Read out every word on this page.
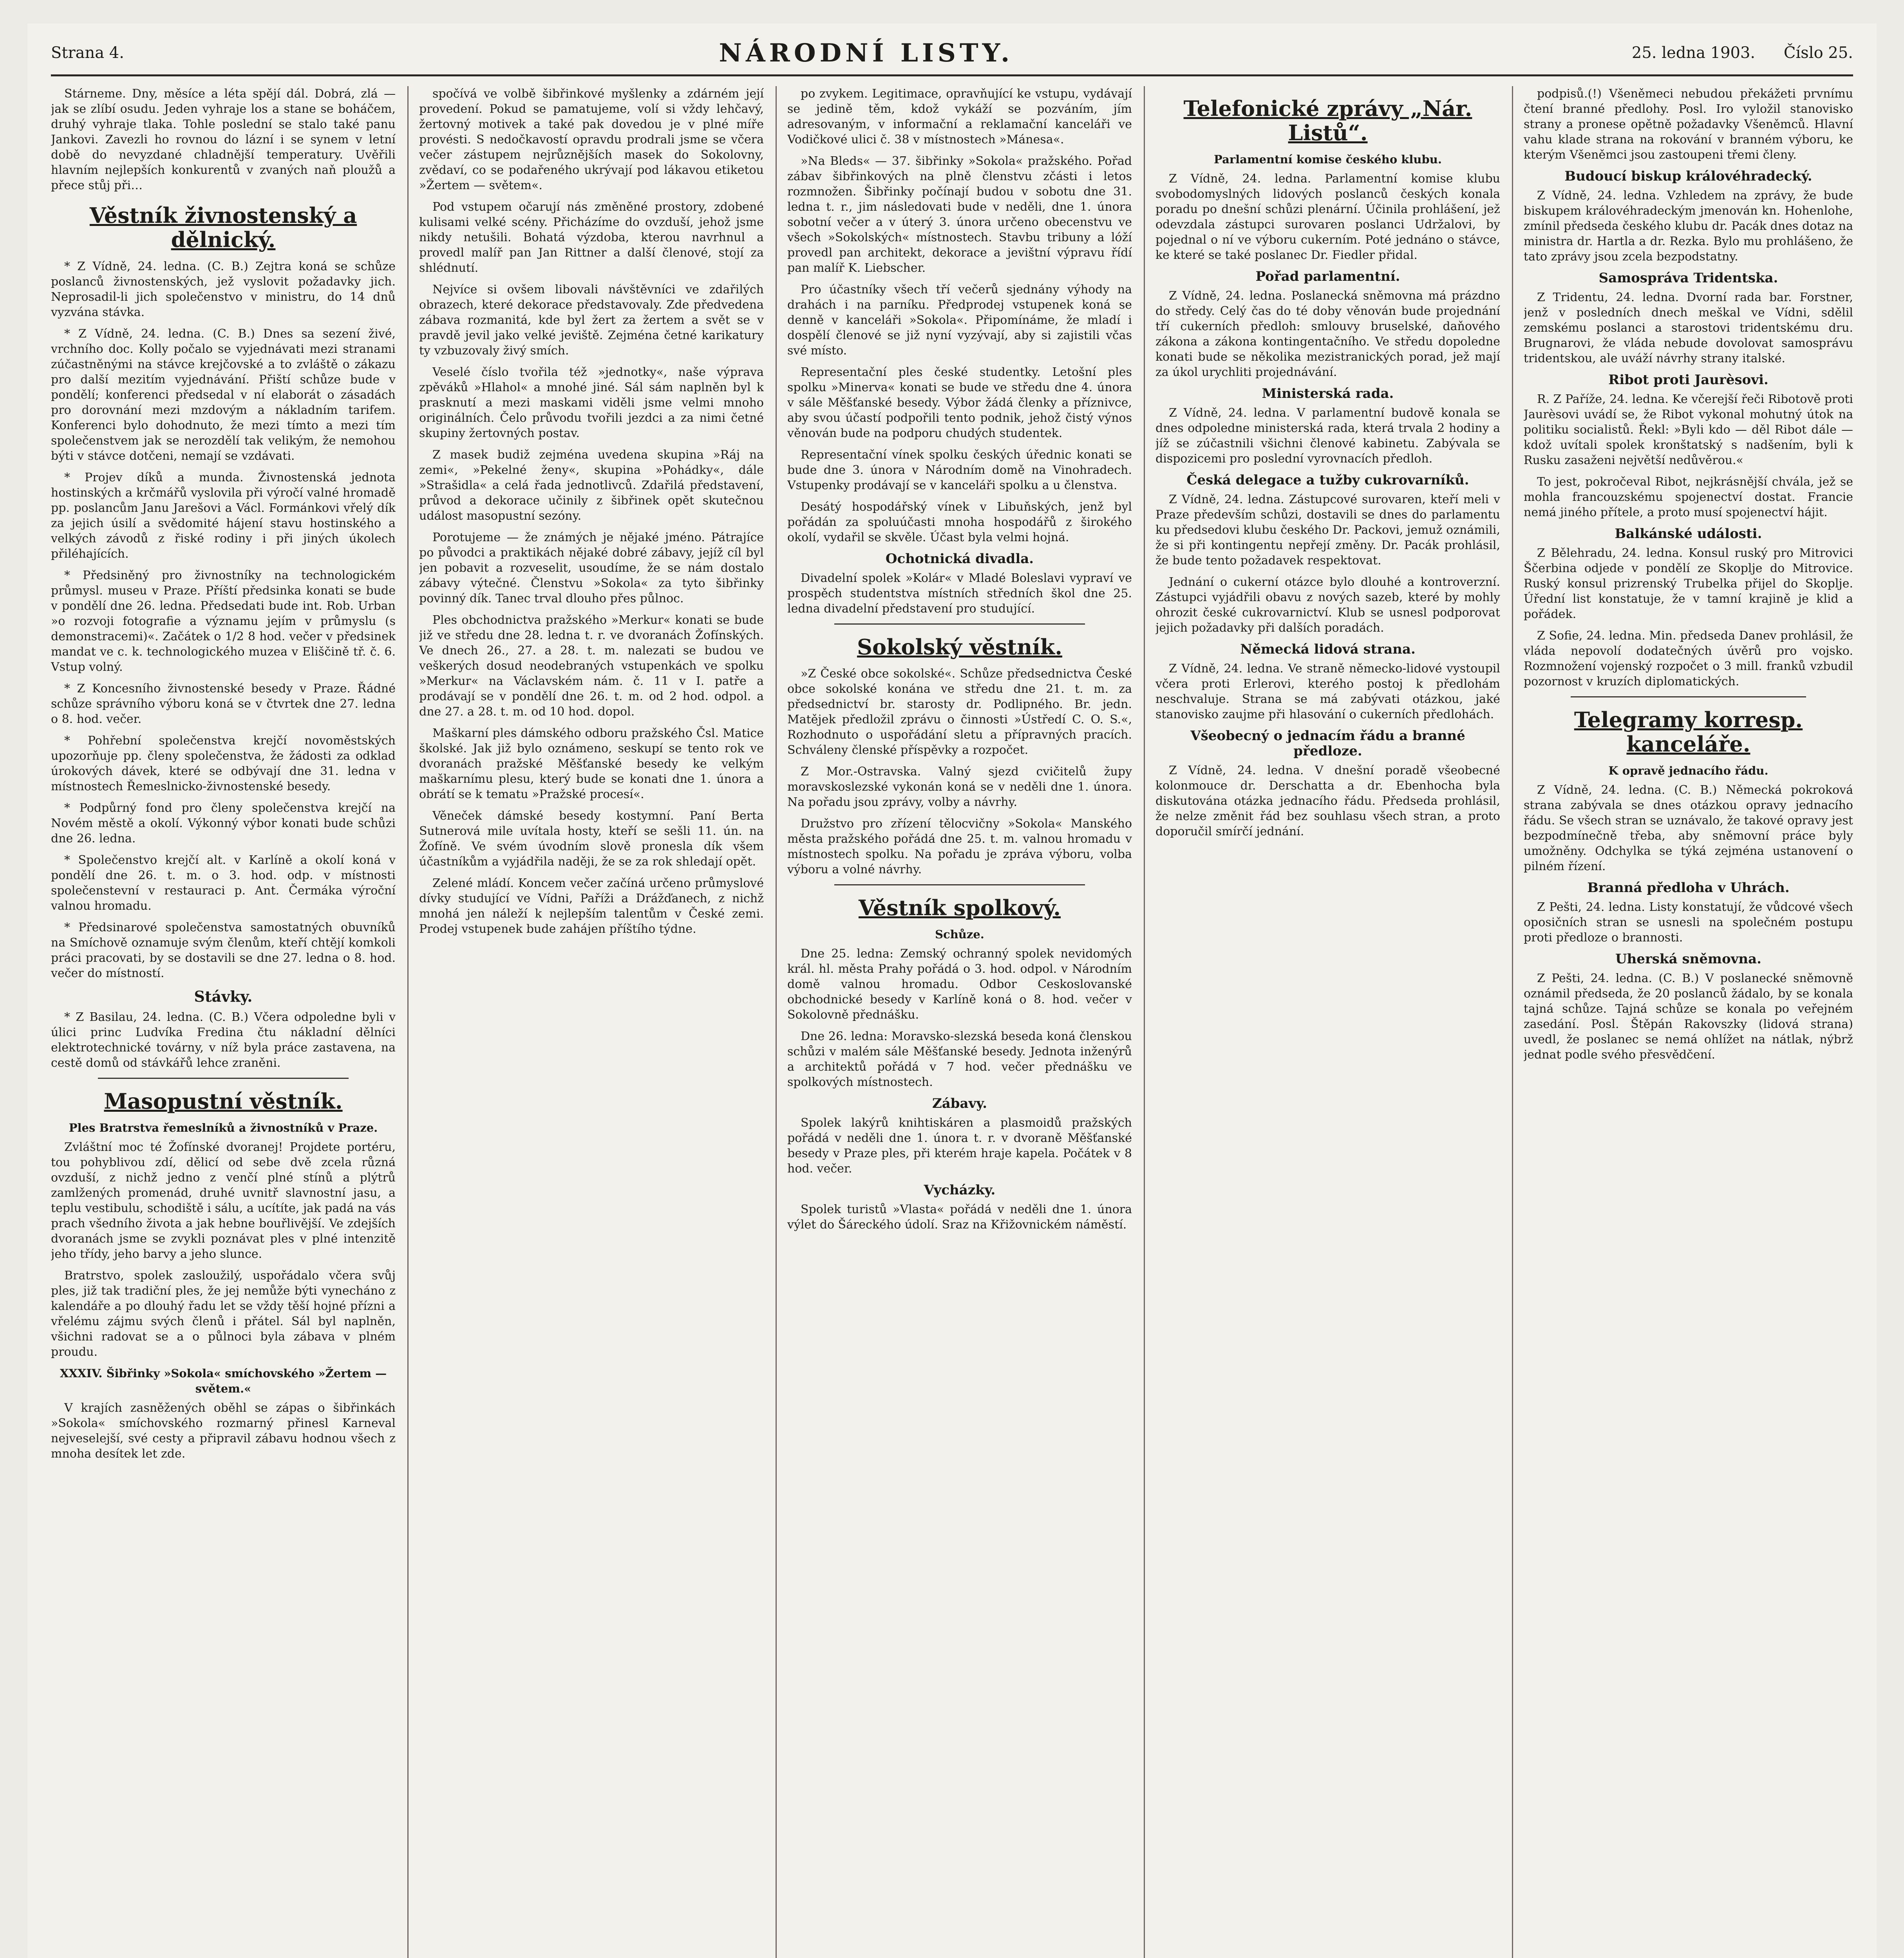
Strana 4.	NÁRODNÍ LISTY.	25. ledna 1903. Číslo 25.

Stárneme. Dny, měsíce a léta spějí dál. Dobrá, zlá — jak se zlíbí osudu. Jeden vyhraje los a stane se boháčem, druhý vyhraje tlaka. Tohle poslední se stalo také panu Jankovi. Zavezli ho rovnou do lázní i se synem v letní době do nevyzdané chladnější temperatury. Uvěřili hlavním nejlepších konkurentů v zvaných naň ploužů a přece stůj při…

Věstník živnostenský a dělnický.

* Z Vídně, 24. ledna. (C. B.) Zejtra koná se schůze poslanců živnostenských, jež vyslovit požadavky jich. Neprosadil-li jich společenstvo v ministru, do 14 dnů vyzvána stávka.

* Z Vídně, 24. ledna. (C. B.) Dnes sa sezení živé, vrchního doc. Kolly počalo se vyjednávati mezi stranami zúčastněnými na stávce krejčovské a to zvláště o zákazu pro další mezitím vyjednávání. Přiští schůze bude v pondělí; konferenci předsedal v ní elaborát o zásadách pro dorovnání mezi mzdovým a nákladním tarifem. Konferenci bylo dohodnuto, že mezi tímto a mezi tím společenstvem jak se nerozdělí tak velikým, že nemohou býti v stávce dotčeni, nemají se vzdávati.

* Projev díků a munda. Živnostenská jednota hostinských a krčmářů vyslovila při výročí valné hromadě pp. poslancům Janu Jarešovi a Václ. Formánkovi vřelý dík za jejich úsilí a svědomité hájení stavu hostinského a velkých závodů z řiské rodiny i při jiných úkolech přiléhajících.

* Předsiněný pro živnostníky na technologickém průmysl. museu v Praze. Příští předsinka konati se bude v pondělí dne 26. ledna. Předsedati bude int. Rob. Urban »o rozvoji fotografie a významu jejím v průmyslu (s demonstracemi)«. Začátek o 1/2 8 hod. večer v předsinek mandat ve c. k. technologického muzea v Eliščině tř. č. 6. Vstup volný.

* Z Koncesního živnostenské besedy v Praze. Řádné schůze správního výboru koná se v čtvrtek dne 27. ledna o 8. hod. večer.

* Pohřební společenstva krejčí novoměstských upozorňuje pp. členy společenstva, že žádosti za odklad úrokových dávek, které se odbývají dne 31. ledna v místnostech Řemeslnicko-živnostenské besedy.

* Podpůrný fond pro členy společenstva krejčí na Novém městě a okolí. Výkonný výbor konati bude schůzi dne 26. ledna.

* Společenstvo krejčí alt. v Karlíně a okolí koná v pondělí dne 26. t. m. o 3. hod. odp. v místnosti společenstevní v restauraci p. Ant. Čermáka výroční valnou hromadu.

* Předsinarové společenstva samostatných obuvníků na Smíchově oznamuje svým členům, kteří chtějí komkoli práci pracovati, by se dostavili se dne 27. ledna o 8. hod. večer do místností.

Stávky.

* Z Basilau, 24. ledna. (C. B.) Včera odpoledne byli v úlici princ Ludvíka Fredina čtu nákladní dělníci elektrotechnické továrny, v níž byla práce zastavena, na cestě domů od stávkářů lehce zraněni.

Masopustní věstník.
Ples Bratrstva řemeslníků a živnostníků v Praze.

Zvláštní moc té Žofínské dvoranej! Projdete portéru, tou pohyblivou zdí, dělicí od sebe dvě zcela různá ovzduší, z nichž jedno z venčí plné stínů a plýtrů zamlžených promenád, druhé uvnitř slavnostní jasu, a teplu vestibulu, schodiště i sálu, a ucítíte, jak padá na vás prach všedního života a jak hebne bouřlivější. Ve zdejších dvoranách jsme se zvykli poznávat ples v plné intenzitě jeho třídy, jeho barvy a jeho slunce.

Bratrstvo, spolek zasloužilý, uspořádalo včera svůj ples, již tak tradiční ples, že jej nemůže býti vynecháno z kalendáře a po dlouhý řadu let se vždy těší hojné přízni a vřelému zájmu svých členů i přátel. Sál byl naplněn, všichni radovat se a o půlnoci byla zábava v plném proudu.

XXXIV. Šibřinky »Sokola« smíchovského »Žertem — světem.«

V krajích zasněžených oběhl se zápas o šibřinkách »Sokola« smíchovského rozmarný přinesl Karneval nejveselejší, své cesty a připravil zábavu hodnou všech z mnoha desítek let zde.

spočívá ve volbě šibřinkové myšlenky a zdárném její provedení. Pokud se pamatujeme, volí si vždy lehčavý, žertovný motivek a také pak dovedou je v plné míře provésti. S nedočkavostí opravdu prodrali jsme se včera večer zástupem nejrůznějších masek do Sokolovny, zvědaví, co se podařeného ukrývají pod lákavou etiketou »Žertem — světem«.

Pod vstupem očarují nás změněné prostory, zdobené kulisami velké scény. Přicházíme do ovzduší, jehož jsme nikdy netušili. Bohatá výzdoba, kterou navrhnul a provedl malíř pan Jan Rittner a další členové, stojí za shlédnutí.

Nejvíce si ovšem libovali návštěvníci ve zdařilých obrazech, které dekorace představovaly. Zde předvedena zábava rozmanitá, kde byl žert za žertem a svět se v pravdě jevil jako velké jeviště. Zejména četné karikatury ty vzbuzovaly živý smích.

Veselé číslo tvořila též »jednotky«, naše výprava zpěváků »Hlahol« a mnohé jiné. Sál sám naplněn byl k prasknutí a mezi maskami viděli jsme velmi mnoho originálních. Čelo průvodu tvořili jezdci a za nimi četné skupiny žertovných postav.

Z masek budiž zejména uvedena skupina »Ráj na zemi«, »Pekelné ženy«, skupina »Pohádky«, dále »Strašidla« a celá řada jednotlivců. Zdařilá představení, průvod a dekorace učinily z šibřinek opět skutečnou událost masopustní sezóny.

Porotujeme — že známých je nějaké jméno. Pátrajíce po původci a praktikách nějaké dobré zábavy, jejíž cíl byl jen pobavit a rozveselit, usoudíme, že se nám dostalo zábavy výtečné. Členstvu »Sokola« za tyto šibřinky povinný dík. Tanec trval dlouho přes půlnoc.

Ples obchodnictva pražského »Merkur« konati se bude již ve středu dne 28. ledna t. r. ve dvoranách Žofínských. Ve dnech 26., 27. a 28. t. m. nalezati se budou ve veškerých dosud neodebraných vstupenkách ve spolku »Merkur« na Václavském nám. č. 11 v I. patře a prodávají se v pondělí dne 26. t. m. od 2 hod. odpol. a dne 27. a 28. t. m. od 10 hod. dopol.

Maškarní ples dámského odboru pražského Čsl. Matice školské. Jak již bylo oznámeno, seskupí se tento rok ve dvoranách pražské Měšťanské besedy ke velkým maškarnímu plesu, který bude se konati dne 1. února a obrátí se k tematu »Pražské procesí«.

Věneček dámské besedy kostymní. Paní Berta Sutnerová mile uvítala hosty, kteří se sešli 11. ún. na Žofíně. Ve svém úvodním slově pronesla dík všem účastníkům a vyjádřila naději, že se za rok shledají opět.

Zelené mládí. Koncem večer začíná určeno průmyslové dívky studující ve Vídni, Paříži a Drážďanech, z nichž mnohá jen náleží k nejlepším talentům v České zemi. Prodej vstupenek bude zahájen příštího týdne.

po zvykem. Legitimace, opravňující ke vstupu, vydávají se jedině těm, kdož vykáží se pozváním, jím adresovaným, v informační a reklamační kanceláři ve Vodičkové ulici č. 38 v místnostech »Mánesa«.

»Na Bleds« — 37. šibřinky »Sokola« pražského. Pořad zábav šibřinkových na plně členstvu zčásti i letos rozmnožen. Šibřinky počínají budou v sobotu dne 31. ledna t. r., jim následovati bude v neděli, dne 1. února sobotní večer a v úterý 3. února určeno obecenstvu ve všech »Sokolských« místnostech. Stavbu tribuny a lóží provedl pan architekt, dekorace a jevištní výpravu řídí pan malíř K. Liebscher.

Pro účastníky všech tří večerů sjednány výhody na drahách i na parníku. Předprodej vstupenek koná se denně v kanceláři »Sokola«. Připomínáme, že mladí i dospělí členové se již nyní vyzývají, aby si zajistili včas své místo.

Representační ples české studentky. Letošní ples spolku »Minerva« konati se bude ve středu dne 4. února v sále Měšťanské besedy. Výbor žádá členky a příznivce, aby svou účastí podpořili tento podnik, jehož čistý výnos věnován bude na podporu chudých studentek.

Representační vínek spolku českých úřednic konati se bude dne 3. února v Národním domě na Vinohradech. Vstupenky prodávají se v kanceláři spolku a u členstva.

Desátý hospodářský vínek v Libuňských, jenž byl pořádán za spoluúčasti mnoha hospodářů z širokého okolí, vydařil se skvěle. Účast byla velmi hojná.

Ochotnická divadla.

Divadelní spolek »Kolár« v Mladé Boleslavi vypraví ve prospěch studentstva místních středních škol dne 25. ledna divadelní představení pro studující.

Sokolský věstník.

»Z České obce sokolské«. Schůze předsednictva České obce sokolské konána ve středu dne 21. t. m. za předsednictví br. starosty dr. Podlipného. Br. jedn. Matějek předložil zprávu o činnosti »Ústředí C. O. S.«, Rozhodnuto o uspořádání sletu a přípravných pracích. Schváleny členské příspěvky a rozpočet.

Z Mor.-Ostravska. Valný sjezd cvičitelů župy moravskoslezské vykonán koná se v neděli dne 1. února. Na pořadu jsou zprávy, volby a návrhy.

Družstvo pro zřízení tělocvičny »Sokola« Manského města pražského pořádá dne 25. t. m. valnou hromadu v místnostech spolku. Na pořadu je zpráva výboru, volba výboru a volné návrhy.

Věstník spolkový.
Schůze.

Dne 25. ledna: Zemský ochranný spolek nevidomých král. hl. města Prahy pořádá o 3. hod. odpol. v Národním domě valnou hromadu. Odbor Ceskoslovanské obchodnické besedy v Karlíně koná o 8. hod. večer v Sokolovně přednášku.

Dne 26. ledna: Moravsko-slezská beseda koná členskou schůzi v malém sále Měšťanské besedy. Jednota inženýrů a architektů pořádá v 7 hod. večer přednášku ve spolkových místnostech.

Zábavy.

Spolek lakýrů knihtiskáren a plasmoidů pražských pořádá v neděli dne 1. února t. r. v dvoraně Měšťanské besedy v Praze ples, při kterém hraje kapela. Počátek v 8 hod. večer.

Vycházky.

Spolek turistů »Vlasta« pořádá v neděli dne 1. února výlet do Šáreckého údolí. Sraz na Křižovnickém náměstí.

Telefonické zprávy „Nár. Listů“.
Parlamentní komise českého klubu.

Z Vídně, 24. ledna. Parlamentní komise klubu svobodomyslných lidových poslanců českých konala poradu po dnešní schůzi plenární. Účinila prohlášení, jež odevzdala zástupci surovaren poslanci Udržalovi, by pojednal o ní ve výboru cukerním. Poté jednáno o stávce, ke které se také poslanec Dr. Fiedler přidal.

Pořad parlamentní.

Z Vídně, 24. ledna. Poslanecká sněmovna má prázdno do středy. Celý čas do té doby věnován bude projednání tří cukerních předloh: smlouvy bruselské, daňového zákona a zákona kontingentačního. Ve středu dopoledne konati bude se několika mezistranických porad, jež mají za úkol urychliti projednávání.

Ministerská rada.

Z Vídně, 24. ledna. V parlamentní budově konala se dnes odpoledne ministerská rada, která trvala 2 hodiny a jíž se zúčastnili všichni členové kabinetu. Zabývala se dispozicemi pro poslední vyrovnacích předloh.

Česká delegace a tužby cukrovarníků.

Z Vídně, 24. ledna. Zástupcové surovaren, kteří meli v Praze především schůzi, dostavili se dnes do parlamentu ku předsedovi klubu českého Dr. Packovi, jemuž oznámili, že si při kontingentu nepřejí změny. Dr. Pacák prohlásil, že bude tento požadavek respektovat.

Jednání o cukerní otázce bylo dlouhé a kontroverzní. Zástupci vyjádřili obavu z nových sazeb, které by mohly ohrozit české cukrovarnictví. Klub se usnesl podporovat jejich požadavky při dalších poradách.

Německá lidová strana.

Z Vídně, 24. ledna. Ve straně německo-lidové vystoupil včera proti Erlerovi, kterého postoj k předlohám neschvaluje. Strana se má zabývati otázkou, jaké stanovisko zaujme při hlasování o cukerních předlohách.

Všeobecný o jednacím řádu a branné předloze.

Z Vídně, 24. ledna. V dnešní poradě všeobecné kolonmouce dr. Derschatta a dr. Ebenhocha byla diskutována otázka jednacího řádu. Předseda prohlásil, že nelze změnit řád bez souhlasu všech stran, a proto doporučil smírčí jednání.

podpisů.(!) Všeněmeci nebudou překážeti prvnímu čtení branné předlohy. Posl. Iro vyložil stanovisko strany a pronese opětně požadavky Všeněmců. Hlavní vahu klade strana na rokování v branném výboru, ke kterým Všeněmci jsou zastoupeni třemi členy.

Budoucí biskup královéhradecký.

Z Vídně, 24. ledna. Vzhledem na zprávy, že bude biskupem královéhradeckým jmenován kn. Hohenlohe, zmínil předseda českého klubu dr. Pacák dnes dotaz na ministra dr. Hartla a dr. Rezka. Bylo mu prohlášeno, že tato zprávy jsou zcela bezpodstatny.

Samospráva Tridentska.

Z Tridentu, 24. ledna. Dvorní rada bar. Forstner, jenž v posledních dnech meškal ve Vídni, sdělil zemskému poslanci a starostovi tridentskému dru. Brugnarovi, že vláda nebude dovolovat samosprávu tridentskou, ale uváží návrhy strany italské.

Ribot proti Jaurèsovi.

R. Z Paříže, 24. ledna. Ke včerejší řeči Ribotově proti Jaurèsovi uvádí se, že Ribot vykonal mohutný útok na politiku socialistů. Řekl: »Byli kdo — děl Ribot dále — kdož uvítali spolek kronštatský s nadšením, byli k Rusku zasaženi největší nedůvěrou.«

To jest, pokročeval Ribot, nejkrásnější chvála, jež se mohla francouzskému spojenectví dostat. Francie nemá jiného přítele, a proto musí spojenectví hájit.

Balkánské události.

Z Bělehradu, 24. ledna. Konsul ruský pro Mitrovici Ščerbina odjede v pondělí ze Skoplje do Mitrovice. Ruský konsul prizrenský Trubelka přijel do Skoplje. Úřední list konstatuje, že v tamní krajině je klid a pořádek.

Z Sofie, 24. ledna. Min. předseda Danev prohlásil, že vláda nepovolí dodatečných úvěrů pro vojsko. Rozmnožení vojenský rozpočet o 3 mill. franků vzbudil pozornost v kruzích diplomatických.

Telegramy korresp. kanceláře.
K opravě jednacího řádu.

Z Vídně, 24. ledna. (C. B.) Německá pokroková strana zabývala se dnes otázkou opravy jednacího řádu. Se všech stran se uznávalo, že takové opravy jest bezpodmínečně třeba, aby sněmovní práce byly umožněny. Odchylka se týká zejména ustanovení o pilném řízení.

Branná předloha v Uhrách.

Z Pešti, 24. ledna. Listy konstatují, že vůdcové všech oposičních stran se usnesli na společném postupu proti předloze o brannosti.

Uherská sněmovna.

Z Pešti, 24. ledna. (C. B.) V poslanecké sněmovně oznámil předseda, že 20 poslanců žádalo, by se konala tajná schůze. Tajná schůze se konala po veřejném zasedání. Posl. Štěpán Rakovszky (lidová strana) uvedl, že poslanec se nemá ohlížet na nátlak, nýbrž jednat podle svého přesvědčení.
